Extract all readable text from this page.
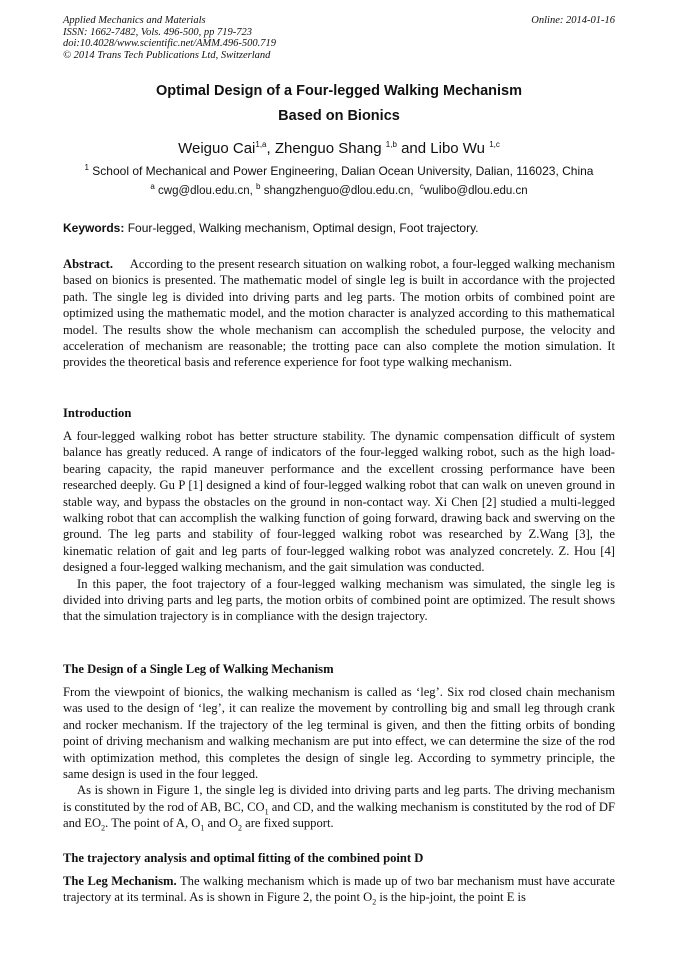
Applied Mechanics and Materials
ISSN: 1662-7482, Vols. 496-500, pp 719-723
doi:10.4028/www.scientific.net/AMM.496-500.719
© 2014 Trans Tech Publications Ltd, Switzerland
Online: 2014-01-16
Optimal Design of a Four-legged Walking Mechanism
Based on Bionics
Weiguo Cai$^{1,a}$, Zhenguo Shang $^{1,b}$ and Libo Wu $^{1,c}$
$^1$ School of Mechanical and Power Engineering, Dalian Ocean University, Dalian, 116023, China
$^a$ cwg@dlou.edu.cn, $^b$ shangzhenguo@dlou.edu.cn, $^c$wulibo@dlou.edu.cn
Keywords: Four-legged, Walking mechanism, Optimal design, Foot trajectory.

Abstract. According to the present research situation on walking robot, a four-legged walking mechanism based on bionics is presented. The mathematic model of single leg is built in accordance with the projected path. The single leg is divided into driving parts and leg parts. The motion orbits of combined point are optimized using the mathematic model, and the motion character is analyzed according to this mathematical model. The results show the whole mechanism can accomplish the scheduled purpose, the velocity and acceleration of mechanism are reasonable; the trotting pace can also complete the motion simulation. It provides the theoretical basis and reference experience for foot type walking mechanism.

Introduction

A four-legged walking robot has better structure stability. The dynamic compensation difficult of system balance has greatly reduced. A range of indicators of the four-legged walking robot, such as the high load-bearing capacity, the rapid maneuver performance and the excellent crossing performance have been researched deeply. Gu P [1] designed a kind of four-legged walking robot that can walk on uneven ground in stable way, and bypass the obstacles on the ground in non-contact way. Xi Chen [2] studied a multi-legged walking robot that can accomplish the walking function of going forward, drawing back and swerving on the ground. The leg parts and stability of four-legged walking robot was researched by Z.Wang [3], the kinematic relation of gait and leg parts of four-legged walking robot was analyzed concretely. Z. Hou [4] designed a four-legged walking mechanism, and the gait simulation was conducted.

In this paper, the foot trajectory of a four-legged walking mechanism was simulated, the single leg is divided into driving parts and leg parts, the motion orbits of combined point are optimized. The result shows that the simulation trajectory is in compliance with the design trajectory.

The Design of a Single Leg of Walking Mechanism

From the viewpoint of bionics, the walking mechanism is called as ‘leg’. Six rod closed chain mechanism was used to the design of ‘leg’, it can realize the movement by controlling big and small leg through crank and rocker mechanism. If the trajectory of the leg terminal is given, and then the fitting orbits of bonding point of driving mechanism and walking mechanism are put into effect, we can determine the size of the rod with optimization method, this completes the design of single leg. According to symmetry principle, the same design is used in the four legged.

As is shown in Figure 1, the single leg is divided into driving parts and leg parts. The driving mechanism is constituted by the rod of AB, BC, $CO_1$ and CD, and the walking mechanism is constituted by the rod of DF and $EO_2$. The point of A, $O_1$ and $O_2$ are fixed support.

The trajectory analysis and optimal fitting of the combined point D

The Leg Mechanism. The walking mechanism which is made up of two bar mechanism must have accurate trajectory at its terminal. As is shown in Figure 2, the point $O_2$ is the hip-joint, the point E is
